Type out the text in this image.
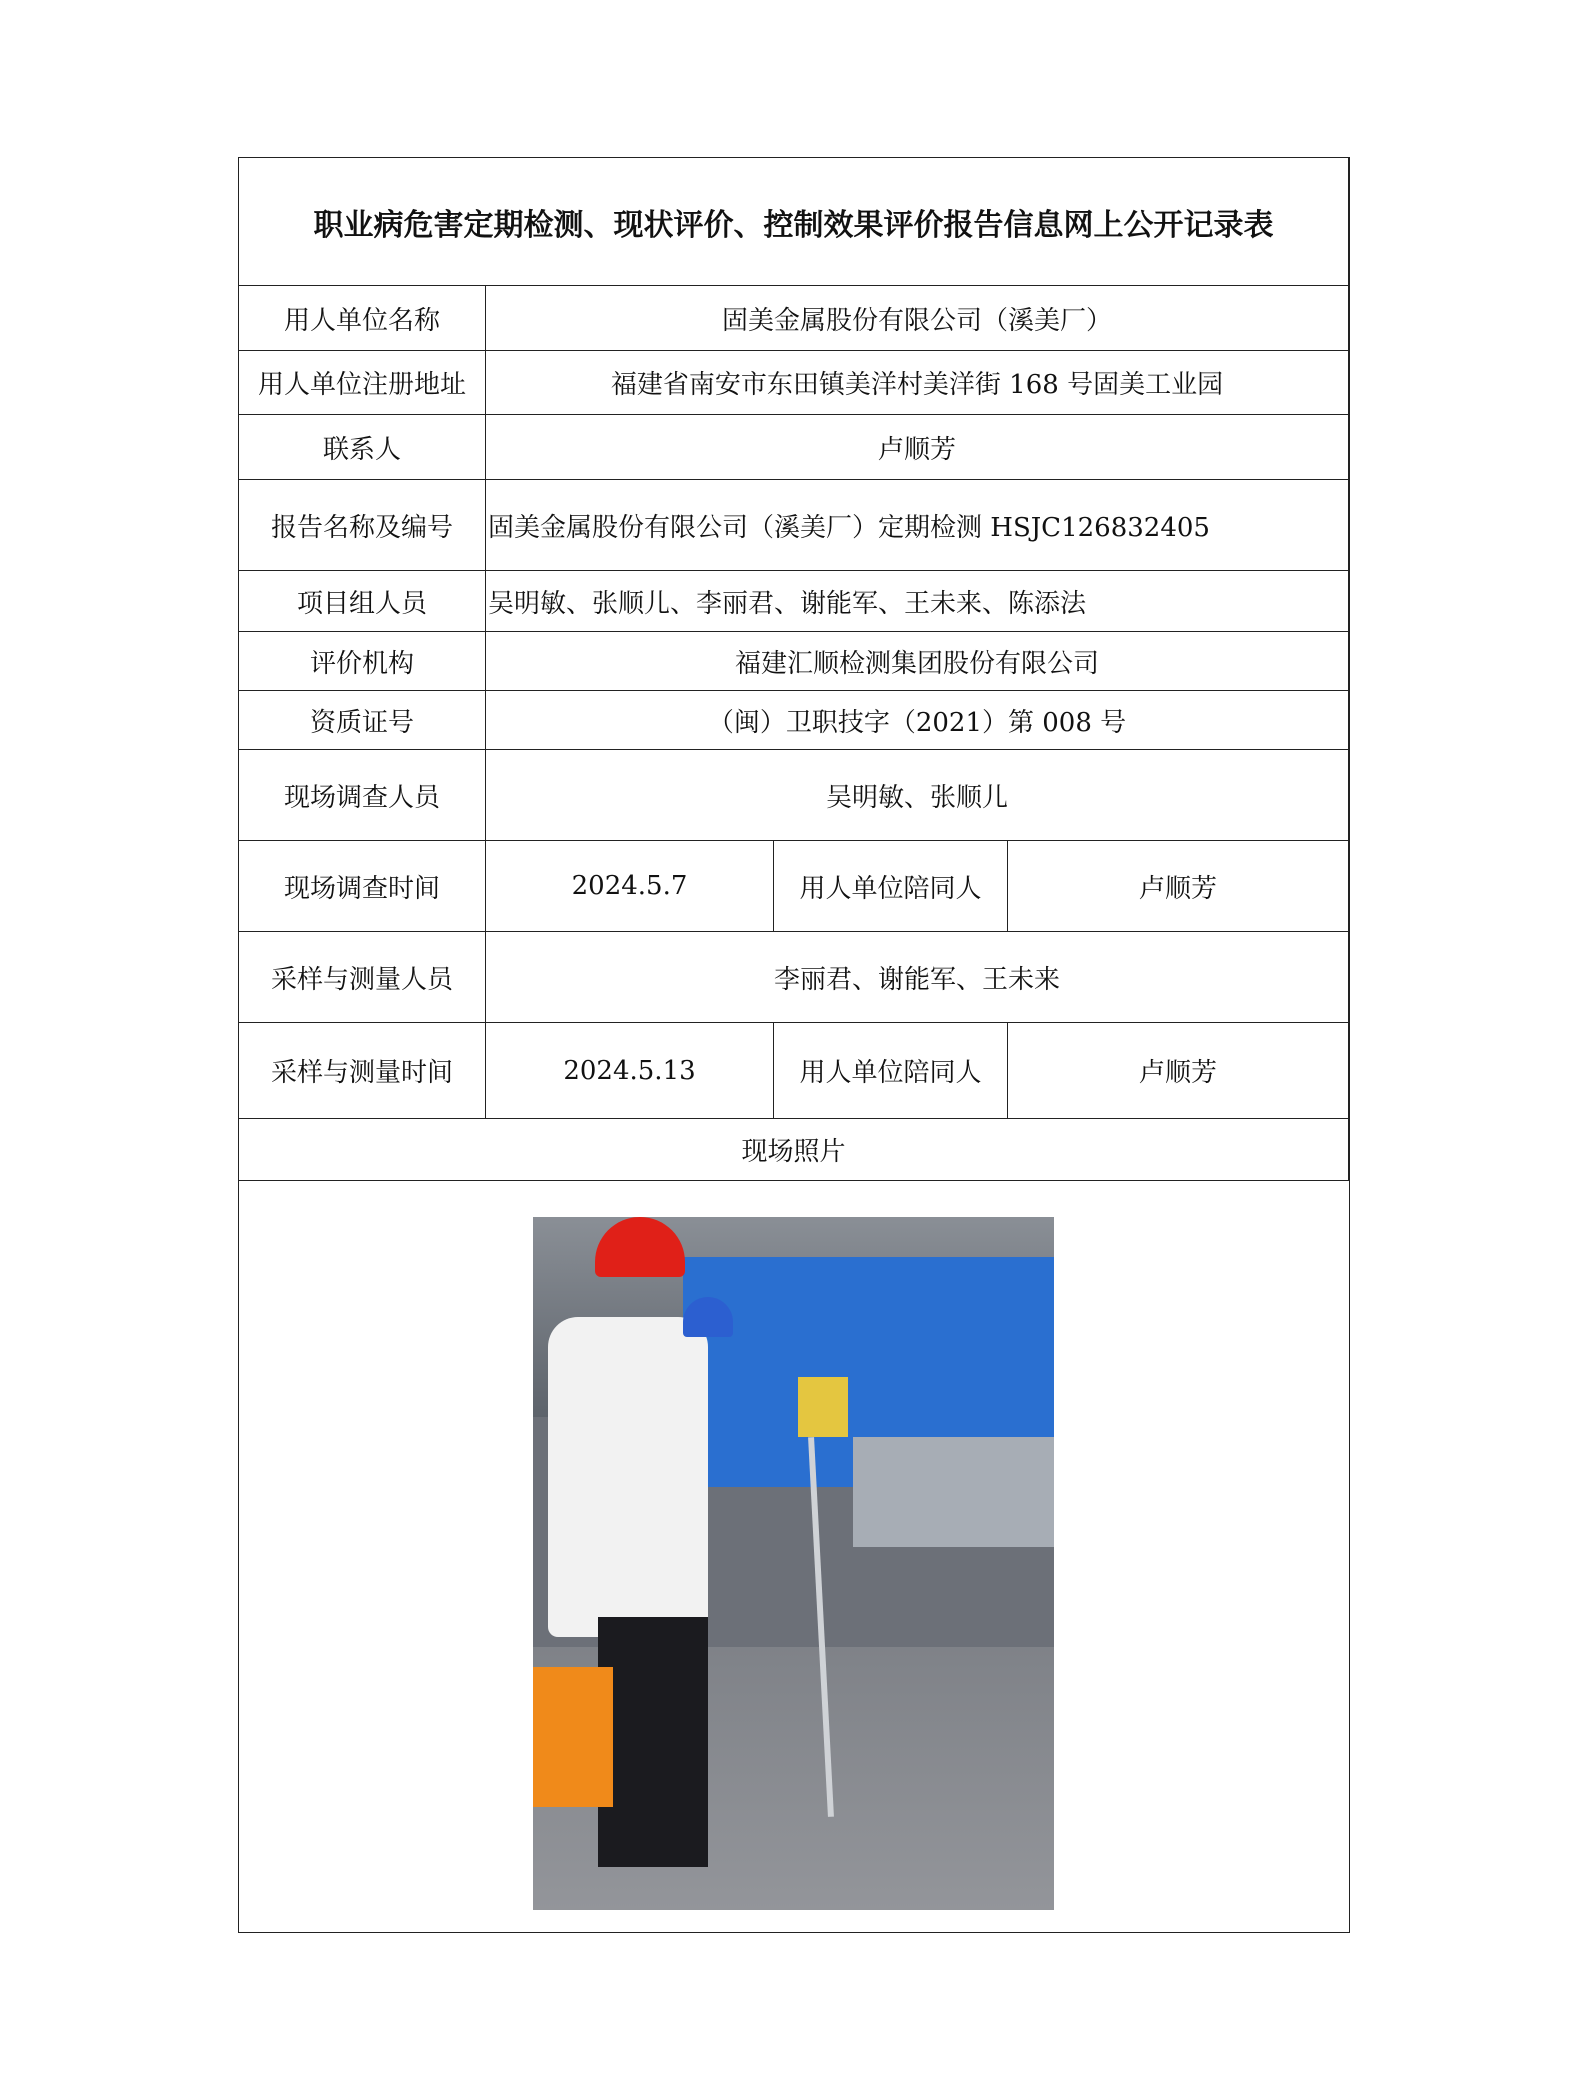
职业病危害定期检测、现状评价、控制效果评价报告信息网上公开记录表
用人单位名称	固美金属股份有限公司（溪美厂）
用人单位注册地址	福建省南安市东田镇美洋村美洋街 168 号固美工业园
联系人	卢顺芳
报告名称及编号	固美金属股份有限公司（溪美厂）定期检测 HSJC126832405
项目组人员	吴明敏、张顺儿、李丽君、谢能军、王未来、陈添法
评价机构	福建汇顺检测集团股份有限公司
资质证号	（闽）卫职技字（2021）第 008 号
现场调查人员	吴明敏、张顺儿
现场调查时间	2024.5.7	用人单位陪同人	卢顺芳
采样与测量人员	李丽君、谢能军、王未来
采样与测量时间	2024.5.13	用人单位陪同人	卢顺芳
现场照片
